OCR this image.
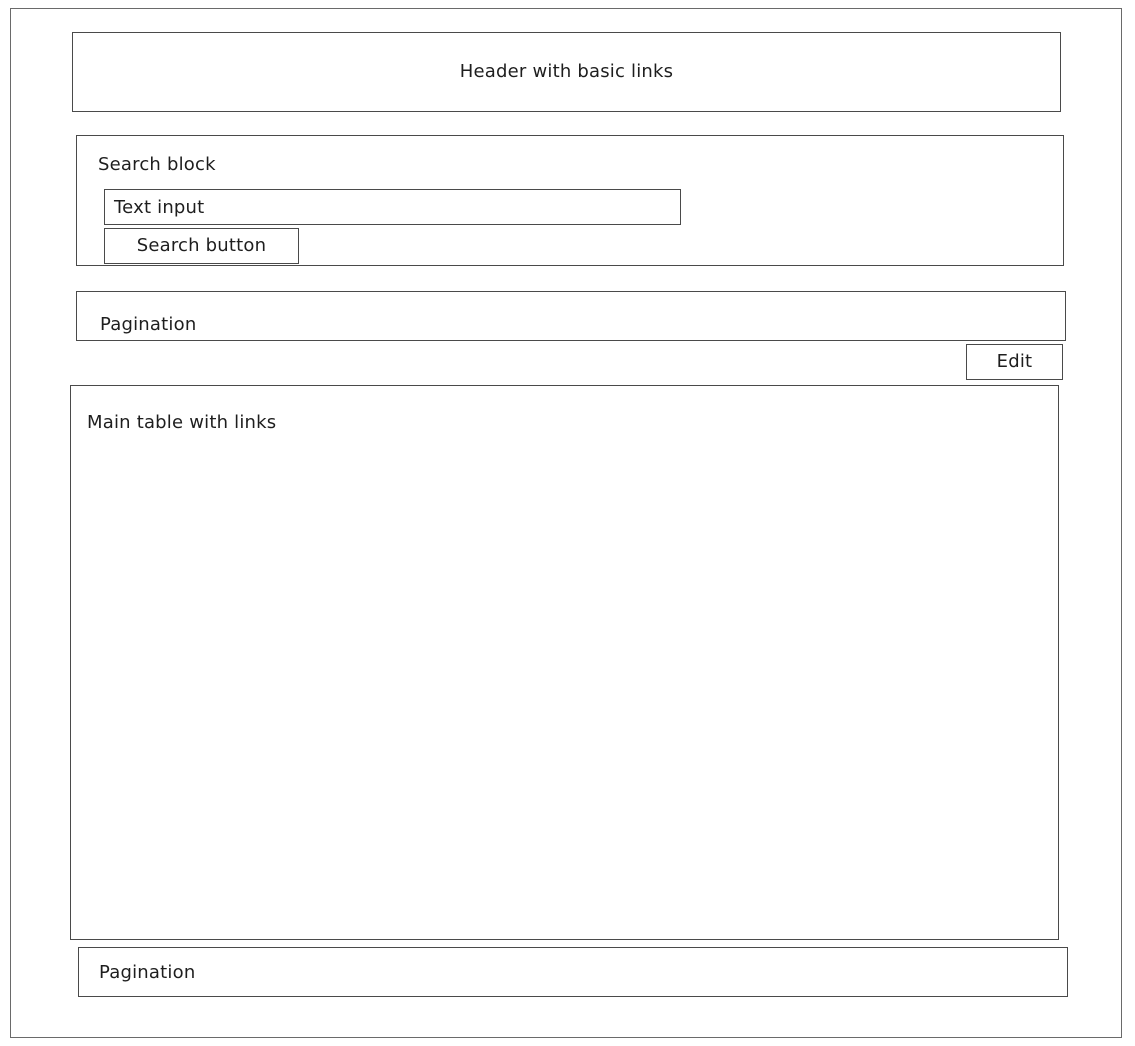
Header with basic links
Search block
Text input
Search button
Pagination
Edit
Main table with links
Pagination
